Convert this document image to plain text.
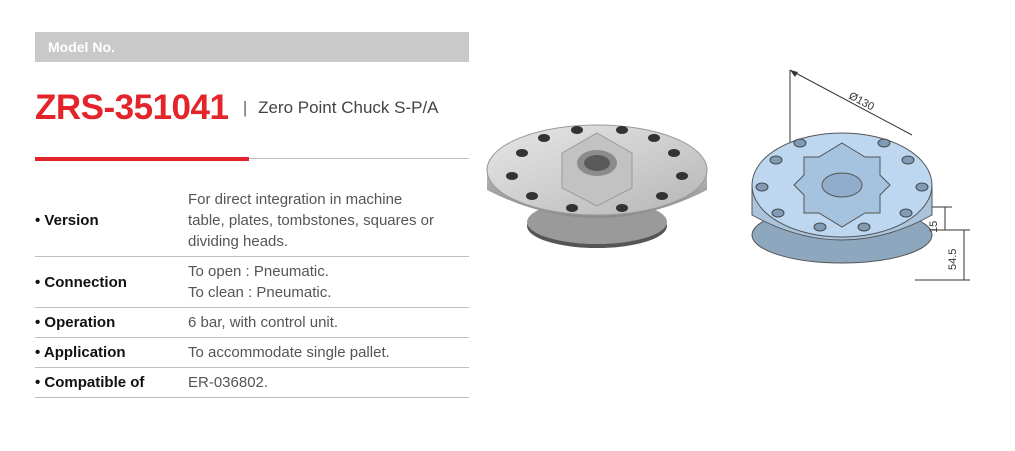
Model No.
ZRS-351041 | Zero Point Chuck S-P/A
• Version	For direct integration in machine
table, plates, tombstones, squares or
dividing heads.

• Connection	To open : Pneumatic.
To clean : Pneumatic.

• Operation	6 bar, with control unit.

• Application	To accommodate single pallet.

• Compatible of	ER-036802.
Ø130
15
54.5
